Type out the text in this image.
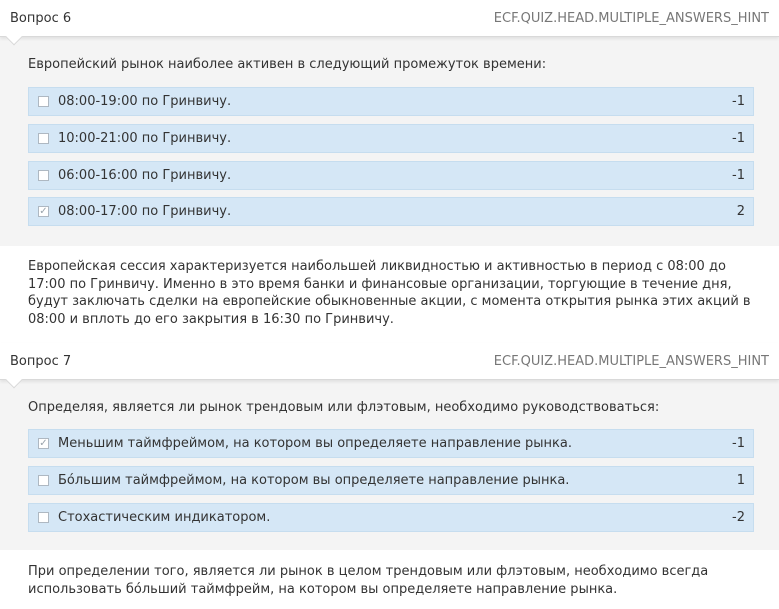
Европейский рынок наиболее активен в следующий промежуток времени:
08:00-19:00 по Гринвичу.	-1
10:00-21:00 по Гринвичу.	-1
06:00-16:00 по Гринвичу.	-1
✓ 08:00-17:00 по Гринвичу.	2
Вопрос 6	ECF.QUIZ.HEAD.MULTIPLE_ANSWERS_HINT
Европейская сессия характеризуется наибольшей ликвидностью и активностью в период с 08:00 до 17:00 по Гринвичу. Именно в это время банки и финансовые организации, торгующие в течение дня, будут заключать сделки на европейские обыкновенные акции, с момента открытия рынка этих акций в 08:00 и вплоть до его закрытия в 16:30 по Гринвичу.
Определяя, является ли рынок трендовым или флэтовым, необходимо руководствоваться:
✓ Меньшим таймфреймом, на котором вы определяете направление рынка.	-1
Бо́льшим таймфреймом, на котором вы определяете направление рынка.	1
Стохастическим индикатором.	-2
Вопрос 7	ECF.QUIZ.HEAD.MULTIPLE_ANSWERS_HINT
При определении того, является ли рынок в целом трендовым или флэтовым, необходимо всегда использовать бо́льший таймфрейм, на котором вы определяете направление рынка.
